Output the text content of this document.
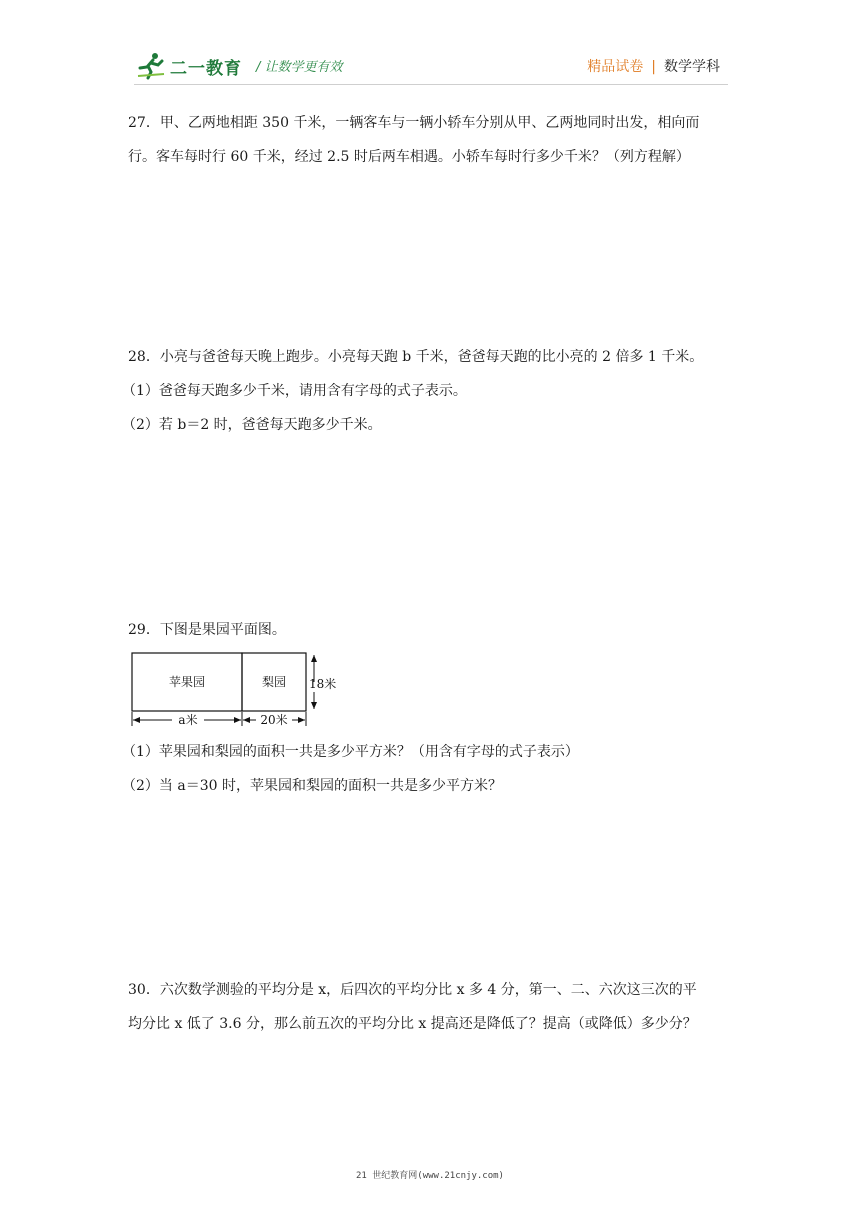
二一教育 / 让数学更有效	精品试卷 | 数学学科
27．甲、乙两地相距 350 千米，一辆客车与一辆小轿车分别从甲、乙两地同时出发，相向而
行。客车每时行 60 千米，经过 2.5 时后两车相遇。小轿车每时行多少千米？（列方程解）
28．小亮与爸爸每天晚上跑步。小亮每天跑 b 千米，爸爸每天跑的比小亮的 2 倍多 1 千米。
（1）爸爸每天跑多少千米，请用含有字母的式子表示。
（2）若 b＝2 时，爸爸每天跑多少千米。
29．下图是果园平面图。
苹果园	梨园 18米
a米	20米
（1）苹果园和梨园的面积一共是多少平方米？（用含有字母的式子表示）
（2）当 a＝30 时，苹果园和梨园的面积一共是多少平方米？
30．六次数学测验的平均分是 x，后四次的平均分比 x 多 4 分，第一、二、六次这三次的平
均分比 x 低了 3.6 分，那么前五次的平均分比 x 提高还是降低了？提高（或降低）多少分？
21 世纪教育网(www.21cnjy.com)
